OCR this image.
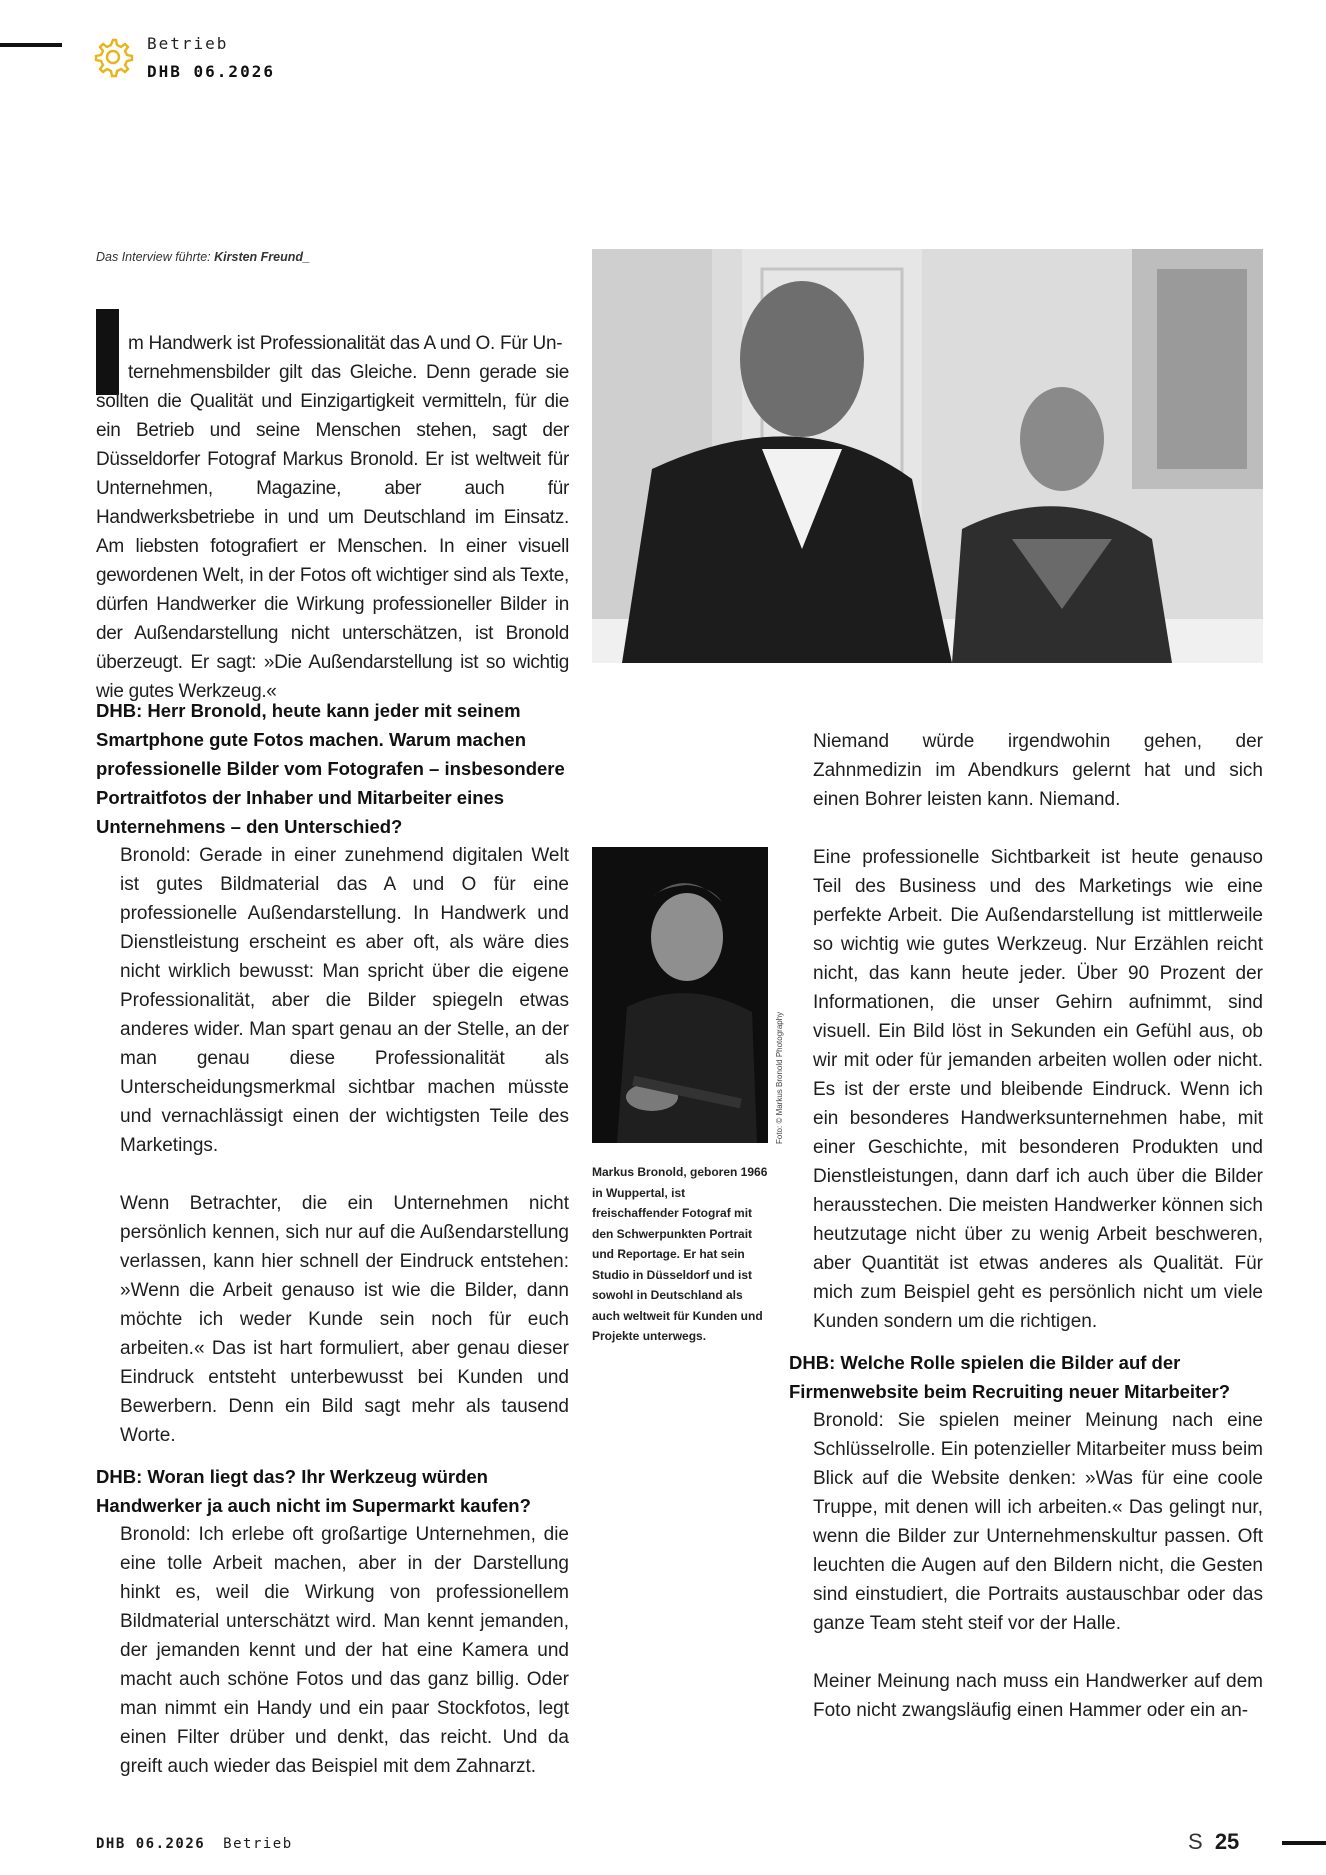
Betrieb
DHB 06.2026
Das Interview führte: Kirsten Freund_

m Handwerk ist Professionalität das A und O. Für Un-

ternehmensbilder gilt das Gleiche. Denn gerade sie sollten die Qualität und Einzigartigkeit vermitteln, für die ein Betrieb und seine Menschen stehen, sagt der Düsseldorfer Fotograf Markus Bronold. Er ist weltweit für Unternehmen, Magazine, aber auch für Handwerksbetriebe in und um Deutschland im Einsatz. Am liebsten fotografiert er Menschen. In einer visuell gewordenen Welt, in der Fotos oft wichtiger sind als Texte, dürfen Handwerker die Wirkung professioneller Bilder in der Außendarstellung nicht unterschätzen, ist Bronold überzeugt. Er sagt: »Die Außendarstellung ist so wichtig wie gutes Werkzeug.«

DHB: Herr Bronold, heute kann jeder mit seinem Smartphone gute Fotos machen. Warum machen professionelle Bilder vom Fotografen – insbesondere Portraitfotos der Inhaber und Mitarbeiter eines Unternehmens – den Unterschied?

Bronold: Gerade in einer zunehmend digitalen Welt ist gutes Bildmaterial das A und O für eine professionelle Außendarstellung. In Handwerk und Dienstleistung erscheint es aber oft, als wäre dies nicht wirklich bewusst: Man spricht über die eigene Professionalität, aber die Bilder spiegeln etwas anderes wider. Man spart genau an der Stelle, an der man genau diese Professionalität als Unterscheidungsmerkmal sichtbar machen müsste und vernachlässigt einen der wichtigsten Teile des Marketings.

Wenn Betrachter, die ein Unternehmen nicht persönlich kennen, sich nur auf die Außendarstellung verlassen, kann hier schnell der Eindruck entstehen: »Wenn die Arbeit genauso ist wie die Bilder, dann möchte ich weder Kunde sein noch für euch arbeiten.« Das ist hart formuliert, aber genau dieser Eindruck entsteht unterbewusst bei Kunden und Bewerbern. Denn ein Bild sagt mehr als tausend Worte.

DHB: Woran liegt das? Ihr Werkzeug würden Handwerker ja auch nicht im Supermarkt kaufen?

Bronold: Ich erlebe oft großartige Unternehmen, die eine tolle Arbeit machen, aber in der Darstellung hinkt es, weil die Wirkung von professionellem Bildmaterial unterschätzt wird. Man kennt jemanden, der jemanden kennt und der hat eine Kamera und macht auch schöne Fotos und das ganz billig. Oder man nimmt ein Handy und ein paar Stockfotos, legt einen Filter drüber und denkt, das reicht. Und da greift auch wieder das Beispiel mit dem Zahnarzt.

Foto: © Markus Bronold Photography
Markus Bronold, geboren 1966 in Wuppertal, ist freischaffender Fotograf mit den Schwerpunkten Portrait und Reportage. Er hat sein Studio in Düsseldorf und ist sowohl in Deutschland als auch weltweit für Kunden und Projekte unterwegs.

Niemand würde irgendwohin gehen, der Zahnmedizin im Abendkurs gelernt hat und sich einen Bohrer leisten kann. Niemand.

Eine professionelle Sichtbarkeit ist heute genauso Teil des Business und des Marketings wie eine perfekte Arbeit. Die Außendarstellung ist mittlerweile so wichtig wie gutes Werkzeug. Nur Erzählen reicht nicht, das kann heute jeder. Über 90 Prozent der Informationen, die unser Gehirn aufnimmt, sind visuell. Ein Bild löst in Sekunden ein Gefühl aus, ob wir mit oder für jemanden arbeiten wollen oder nicht. Es ist der erste und bleibende Eindruck. Wenn ich ein besonderes Handwerksunternehmen habe, mit einer Geschichte, mit besonderen Produkten und Dienstleistungen, dann darf ich auch über die Bilder herausstechen. Die meisten Handwerker können sich heutzutage nicht über zu wenig Arbeit beschweren, aber Quantität ist etwas anderes als Qualität. Für mich zum Beispiel geht es persönlich nicht um viele Kunden sondern um die richtigen.

DHB: Welche Rolle spielen die Bilder auf der Firmenwebsite beim Recruiting neuer Mitarbeiter?

Bronold: Sie spielen meiner Meinung nach eine Schlüsselrolle. Ein potenzieller Mitarbeiter muss beim Blick auf die Website denken: »Was für eine coole Truppe, mit denen will ich arbeiten.« Das gelingt nur, wenn die Bilder zur Unternehmenskultur passen. Oft leuchten die Augen auf den Bildern nicht, die Gesten sind einstudiert, die Portraits austauschbar oder das ganze Team steht steif vor der Halle.

Meiner Meinung nach muss ein Handwerker auf dem Foto nicht zwangsläufig einen Hammer oder ein an-

DHB 06.2026 Betrieb	S 25
